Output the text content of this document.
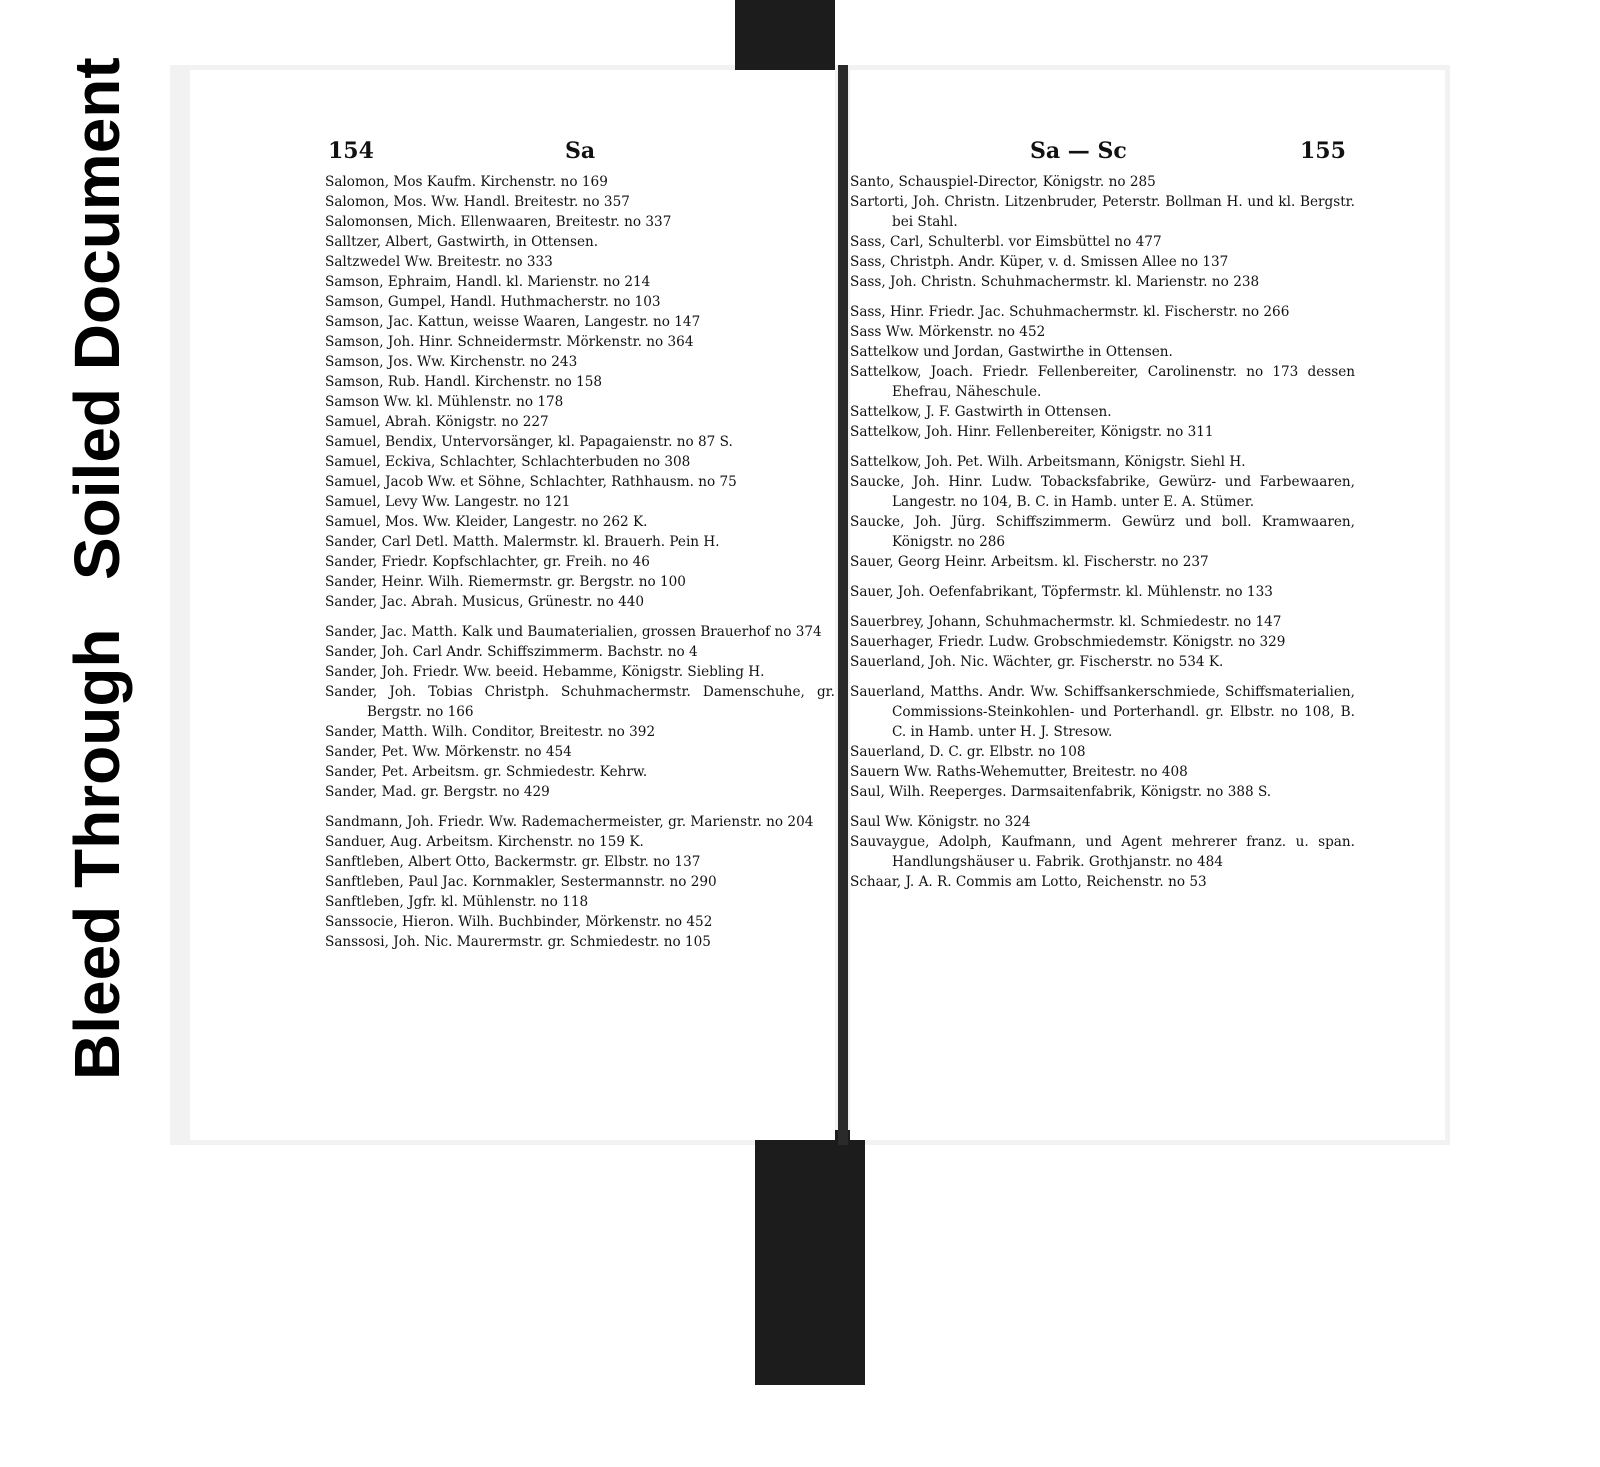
Bleed Through
Soiled Document	154	Sa
Salomon, Mos Kaufm. Kirchenstr. no 169
Salomon, Mos. Ww. Handl. Breitestr. no 357
Salomonsen, Mich. Ellenwaaren, Breitestr. no 337
Salltzer, Albert, Gastwirth, in Ottensen.
Saltzwedel Ww. Breitestr. no 333
Samson, Ephraim, Handl. kl. Marienstr. no 214
Samson, Gumpel, Handl. Huthmacherstr. no 103
Samson, Jac. Kattun, weisse Waaren, Langestr. no 147
Samson, Joh. Hinr. Schneidermstr. Mörkenstr. no 364
Samson, Jos. Ww. Kirchenstr. no 243
Samson, Rub. Handl. Kirchenstr. no 158
Samson Ww. kl. Mühlenstr. no 178
Samuel, Abrah. Königstr. no 227
Samuel, Bendix, Untervorsänger, kl. Papagaienstr. no 87 S.
Samuel, Eckiva, Schlachter, Schlachterbuden no 308
Samuel, Jacob Ww. et Söhne, Schlachter, Rathhausm. no 75
Samuel, Levy Ww. Langestr. no 121
Samuel, Mos. Ww. Kleider, Langestr. no 262 K.
Sander, Carl Detl. Matth. Malermstr. kl. Brauerh. Pein H.
Sander, Friedr. Kopfschlachter, gr. Freih. no 46
Sander, Heinr. Wilh. Riemermstr. gr. Bergstr. no 100
Sander, Jac. Abrah. Musicus, Grünestr. no 440
Sander, Jac. Matth. Kalk und Baumaterialien, grossen Brauerhof no 374
Sander, Joh. Carl Andr. Schiffszimmerm. Bachstr. no 4
Sander, Joh. Friedr. Ww. beeid. Hebamme, Königstr. Siebling H.
Sander, Joh. Tobias Christph. Schuhmachermstr. Damenschuhe, gr. Bergstr. no 166
Sander, Matth. Wilh. Conditor, Breitestr. no 392
Sander, Pet. Ww. Mörkenstr. no 454
Sander, Pet. Arbeitsm. gr. Schmiedestr. Kehrw.
Sander, Mad. gr. Bergstr. no 429
Sandmann, Joh. Friedr. Ww. Rademachermeister, gr. Marienstr. no 204
Sanduer, Aug. Arbeitsm. Kirchenstr. no 159 K.
Sanftleben, Albert Otto, Backermstr. gr. Elbstr. no 137
Sanftleben, Paul Jac. Kornmakler, Sestermannstr. no 290
Sanftleben, Jgfr. kl. Mühlenstr. no 118
Sanssocie, Hieron. Wilh. Buchbinder, Mörkenstr. no 452
Sanssosi, Joh. Nic. Maurermstr. gr. Schmiedestr. no 105
Sa — Sc	155
Santo, Schauspiel-Director, Königstr. no 285
Sartorti, Joh. Christn. Litzenbruder, Peterstr. Bollman H. und kl. Bergstr. bei Stahl.
Sass, Carl, Schulterbl. vor Eimsbüttel no 477
Sass, Christph. Andr. Küper, v. d. Smissen Allee no 137
Sass, Joh. Christn. Schuhmachermstr. kl. Marienstr. no 238
Sass, Hinr. Friedr. Jac. Schuhmachermstr. kl. Fischerstr. no 266
Sass Ww. Mörkenstr. no 452
Sattelkow und Jordan, Gastwirthe in Ottensen.
Sattelkow, Joach. Friedr. Fellenbereiter, Carolinenstr. no 173 dessen Ehefrau, Näheschule.
Sattelkow, J. F. Gastwirth in Ottensen.
Sattelkow, Joh. Hinr. Fellenbereiter, Königstr. no 311
Sattelkow, Joh. Pet. Wilh. Arbeitsmann, Königstr. Siehl H.
Saucke, Joh. Hinr. Ludw. Tobacksfabrike, Gewürz- und Farbewaaren, Langestr. no 104, B. C. in Hamb. unter E. A. Stümer.
Saucke, Joh. Jürg. Schiffszimmerm. Gewürz und boll. Kramwaaren, Königstr. no 286
Sauer, Georg Heinr. Arbeitsm. kl. Fischerstr. no 237
Sauer, Joh. Oefenfabrikant, Töpfermstr. kl. Mühlenstr. no 133
Sauerbrey, Johann, Schuhmachermstr. kl. Schmiedestr. no 147
Sauerhager, Friedr. Ludw. Grobschmiedemstr. Königstr. no 329
Sauerland, Joh. Nic. Wächter, gr. Fischerstr. no 534 K.
Sauerland, Matths. Andr. Ww. Schiffsankerschmiede, Schiffsmaterialien, Commissions-Steinkohlen- und Porterhandl. gr. Elbstr. no 108, B. C. in Hamb. unter H. J. Stresow.
Sauerland, D. C. gr. Elbstr. no 108
Sauern Ww. Raths-Wehemutter, Breitestr. no 408
Saul, Wilh. Reeperges. Darmsaitenfabrik, Königstr. no 388 S.
Saul Ww. Königstr. no 324
Sauvaygue, Adolph, Kaufmann, und Agent mehrerer franz. u. span. Handlungshäuser u. Fabrik. Grothjanstr. no 484
Schaar, J. A. R. Commis am Lotto, Reichenstr. no 53
